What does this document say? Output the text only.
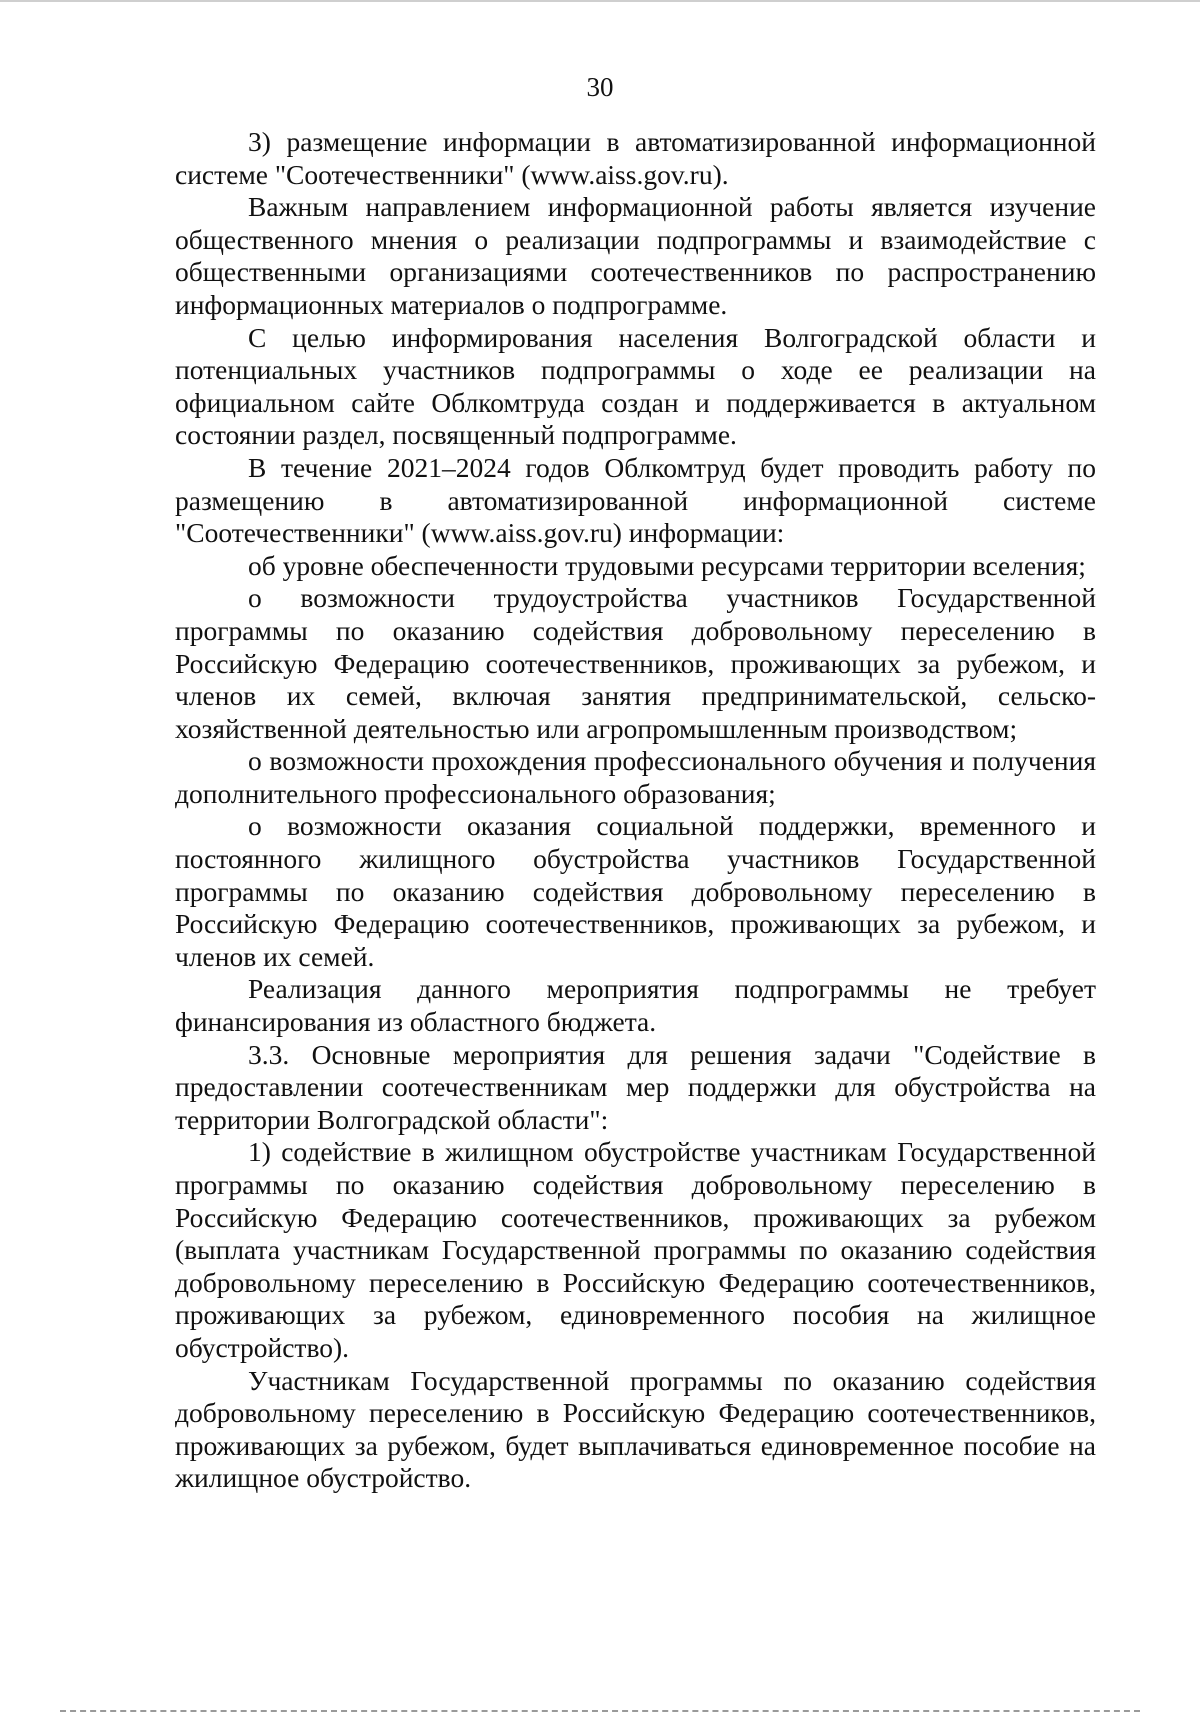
30

3) размещение информации в автоматизированной информационной системе "Соотечественники" (www.aiss.gov.ru).

Важным направлением информационной работы является изучение общественного мнения о реализации подпрограммы и взаимодействие с общественными организациями соотечественников по распространению информационных материалов о подпрограмме.

С целью информирования населения Волгоградской области и потенциальных участников подпрограммы о ходе ее реализации на официальном сайте Облкомтруда создан и поддерживается в актуальном состоянии раздел, посвященный подпрограмме.

В течение 2021–2024 годов Облкомтруд будет проводить работу по размещению в автоматизированной информационной системе "Соотечественники" (www.aiss.gov.ru) информации:

об уровне обеспеченности трудовыми ресурсами территории вселения;

о возможности трудоустройства участников Государственной программы по оказанию содействия добровольному переселению в Российскую Федерацию соотечественников, проживающих за рубежом, и членов их семей, включая занятия предпринимательской, сельско-хозяйственной деятельностью или агропромышленным производством;

о возможности прохождения профессионального обучения и получения дополнительного профессионального образования;

о возможности оказания социальной поддержки, временного и постоянного жилищного обустройства участников Государственной программы по оказанию содействия добровольному переселению в Российскую Федерацию соотечественников, проживающих за рубежом, и членов их семей.

Реализация данного мероприятия подпрограммы не требует финансирования из областного бюджета.

3.3. Основные мероприятия для решения задачи "Содействие в предоставлении соотечественникам мер поддержки для обустройства на территории Волгоградской области":

1) содействие в жилищном обустройстве участникам Государственной программы по оказанию содействия добровольному переселению в Российскую Федерацию соотечественников, проживающих за рубежом (выплата участникам Государственной программы по оказанию содействия добровольному переселению в Российскую Федерацию соотечественников, проживающих за рубежом, единовременного пособия на жилищное обустройство).

Участникам Государственной программы по оказанию содействия добровольному переселению в Российскую Федерацию соотечественников, проживающих за рубежом, будет выплачиваться единовременное пособие на жилищное обустройство.
